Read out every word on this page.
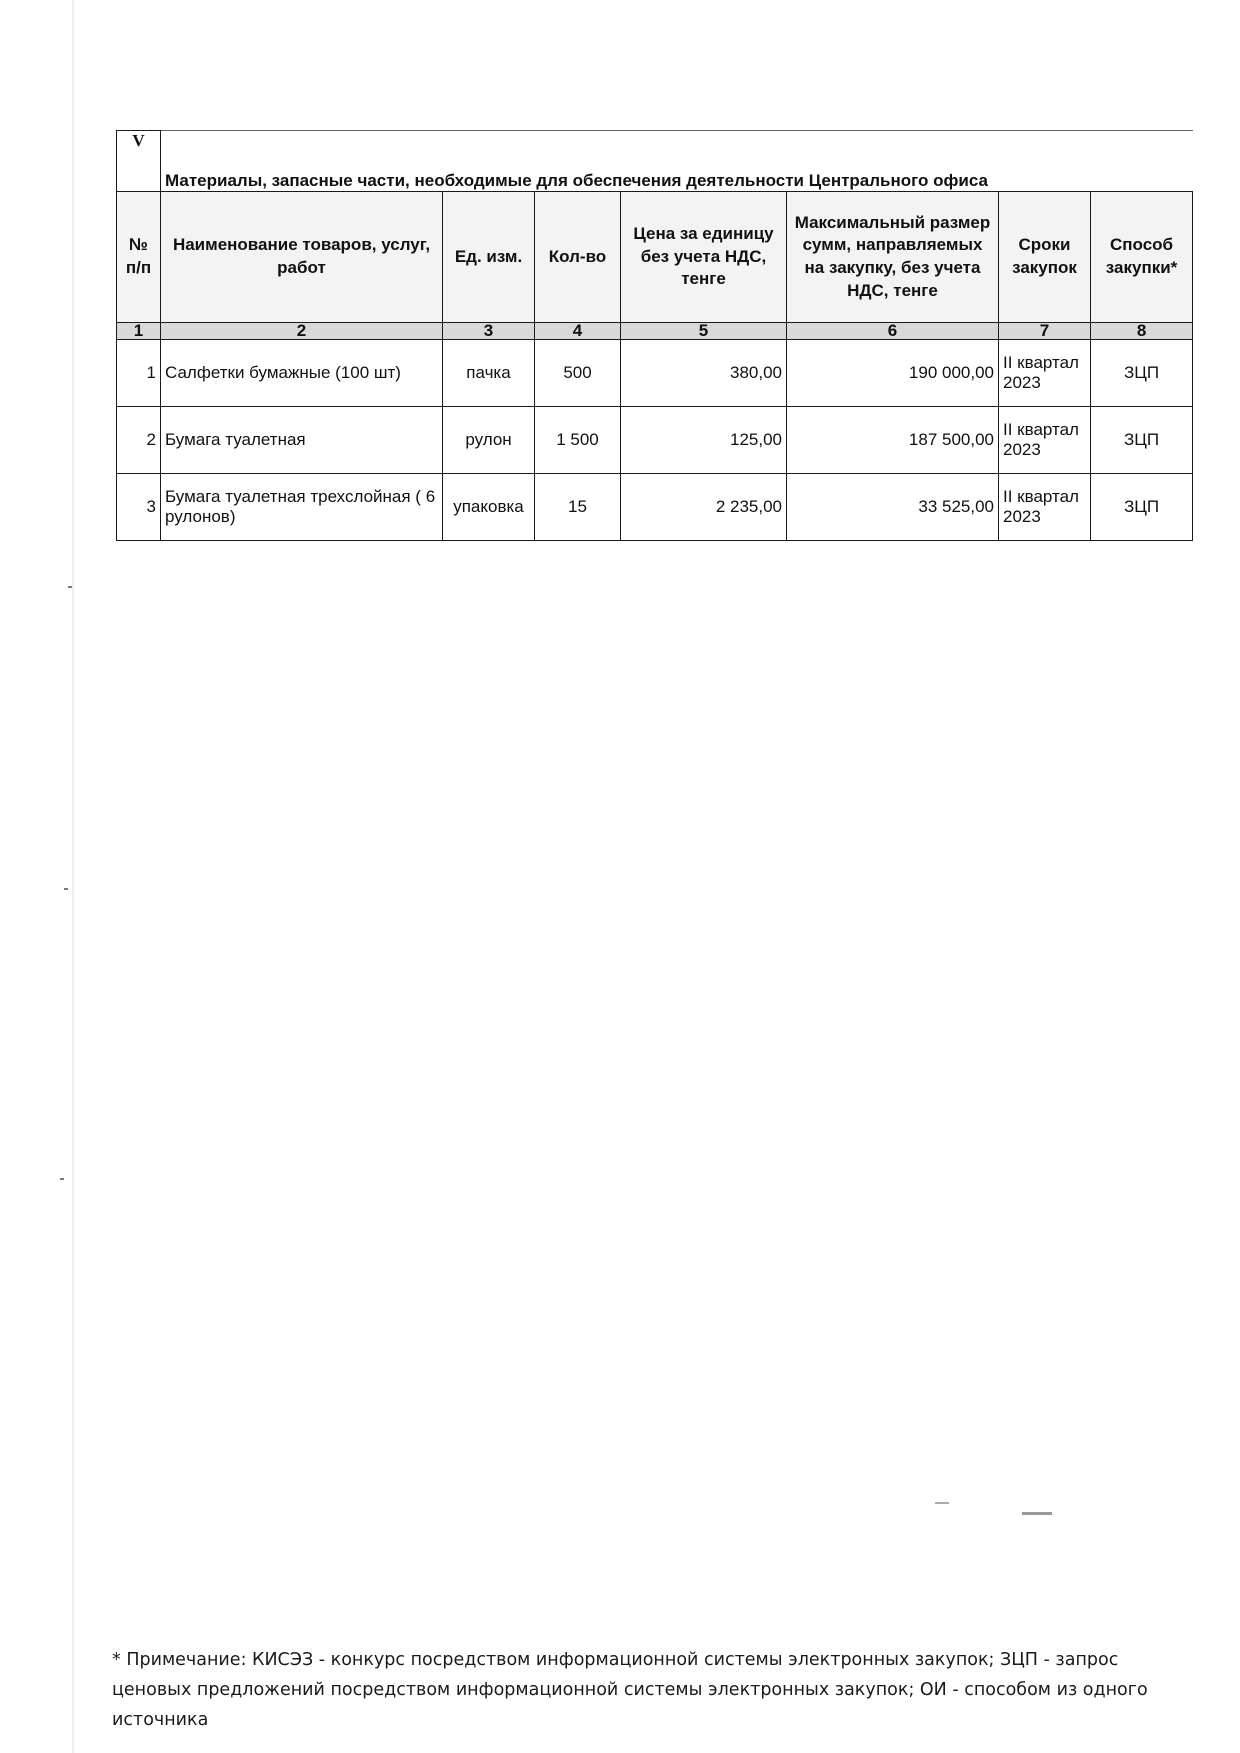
V	Материалы, запасные части, необходимые для обеспечения деятельности Центрального офиса						
№ п/п	Наименование товаров, услуг, работ	Ед. изм.	Кол-во	Цена за единицу без учета НДС, тенге	Максимальный размер сумм, направляемых на закупку, без учета НДС, тенге	Сроки закупок	Способ закупки*
1	2	3	4	5	6	7	8
1	Салфетки бумажные (100 шт)	пачка	500	380,00	190 000,00	II квартал 2023	ЗЦП
2	Бумага туалетная	рулон	1 500	125,00	187 500,00	II квартал 2023	ЗЦП
3	Бумага туалетная трехслойная ( 6 рулонов)	упаковка	15	2 235,00	33 525,00	II квартал 2023	ЗЦП
* Примечание: КИСЭЗ - конкурс посредством информационной системы электронных закупок; ЗЦП - запрос ценовых предложений посредством информационной системы электронных закупок; ОИ - способом из одного источника
